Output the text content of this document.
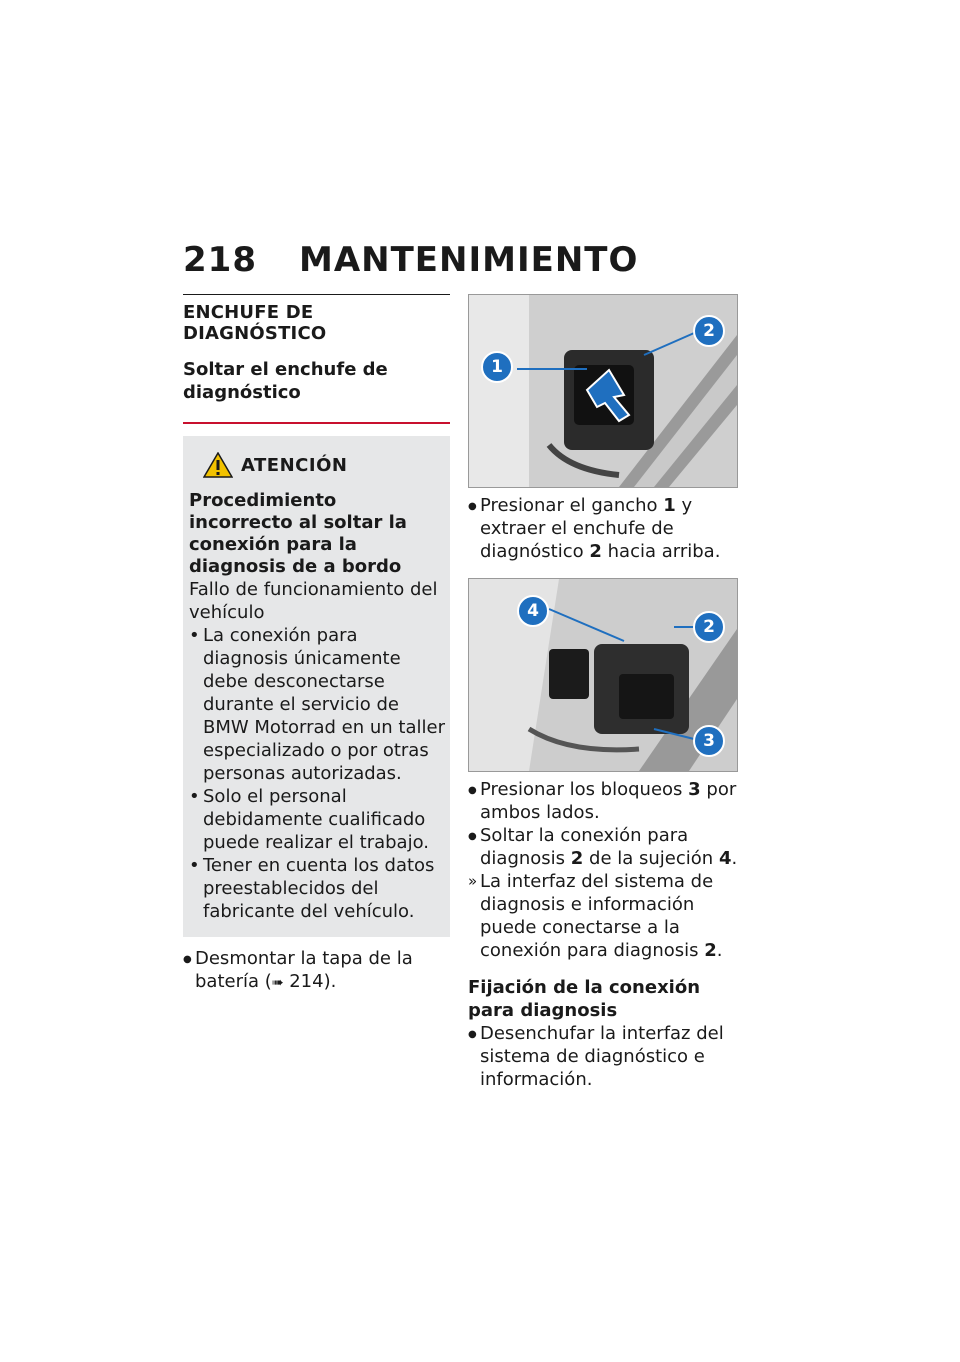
218 MANTENIMIENTO
ENCHUFE DE DIAGNÓSTICO
Soltar el enchufe de diagnóstico
ATENCIÓN
Procedimiento incorrecto al soltar la conexión para la diagnosis de a bordo
Fallo de funcionamiento del vehículo
• La conexión para diagnosis únicamente debe desconectarse durante el servicio de BMW Motorrad en un taller especializado o por otras personas autorizadas.
• Solo el personal debidamente cualificado puede realizar el trabajo.
• Tener en cuenta los datos preestablecidos del fabricante del vehículo.
● Desmontar la tapa de la batería (➠ 214).
1
2
● Presionar el gancho 1 y extraer el enchufe de diagnóstico 2 hacia arriba.
4
2
3
● Presionar los bloqueos 3 por ambos lados.
● Soltar la conexión para diagnosis 2 de la sujeción 4.
» La interfaz del sistema de diagnosis e información puede conectarse a la conexión para diagnosis 2.
Fijación de la conexión para diagnosis
● Desenchufar la interfaz del sistema de diagnóstico e información.
